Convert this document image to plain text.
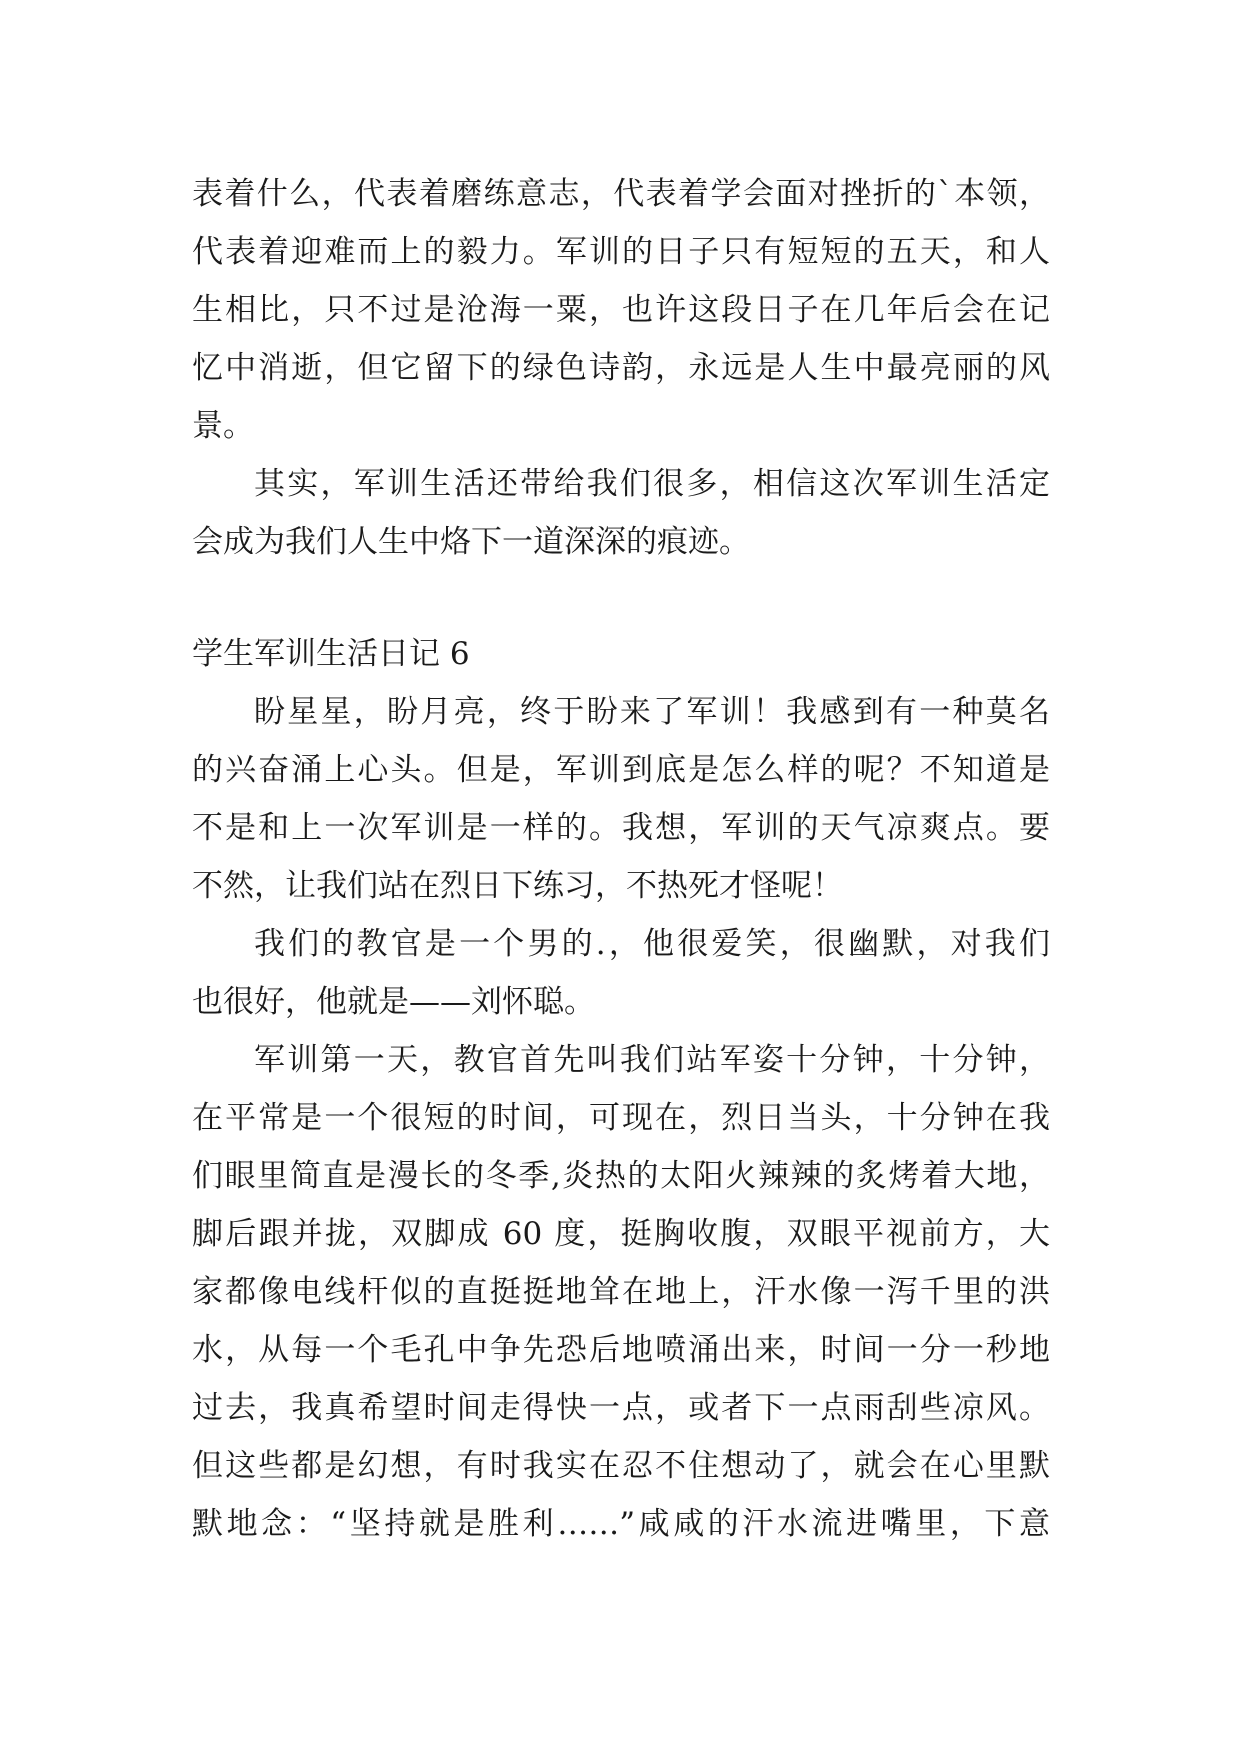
表着什么，代表着磨练意志，代表着学会面对挫折的`本领，
代表着迎难而上的毅力。军训的日子只有短短的五天，和人
生相比，只不过是沧海一粟，也许这段日子在几年后会在记
忆中消逝，但它留下的绿色诗韵，永远是人生中最亮丽的风
景。
其实，军训生活还带给我们很多，相信这次军训生活定
会成为我们人生中烙下一道深深的痕迹。
学生军训生活日记 6
盼星星，盼月亮，终于盼来了军训！我感到有一种莫名
的兴奋涌上心头。但是，军训到底是怎么样的呢？不知道是
不是和上一次军训是一样的。我想，军训的天气凉爽点。要
不然，让我们站在烈日下练习，不热死才怪呢！
我们的教官是一个男的.，他很爱笑，很幽默，对我们
也很好，他就是——刘怀聪。
军训第一天，教官首先叫我们站军姿十分钟，十分钟，
在平常是一个很短的时间，可现在，烈日当头，十分钟在我
们眼里简直是漫长的冬季,炎热的太阳火辣辣的炙烤着大地，
脚后跟并拢，双脚成 60 度，挺胸收腹，双眼平视前方，大
家都像电线杆似的直挺挺地耸在地上，汗水像一泻千里的洪
水，从每一个毛孔中争先恐后地喷涌出来，时间一分一秒地
过去，我真希望时间走得快一点，或者下一点雨刮些凉风。
但这些都是幻想，有时我实在忍不住想动了，就会在心里默
默地念：“坚持就是胜利……”咸咸的汗水流进嘴里，下意
